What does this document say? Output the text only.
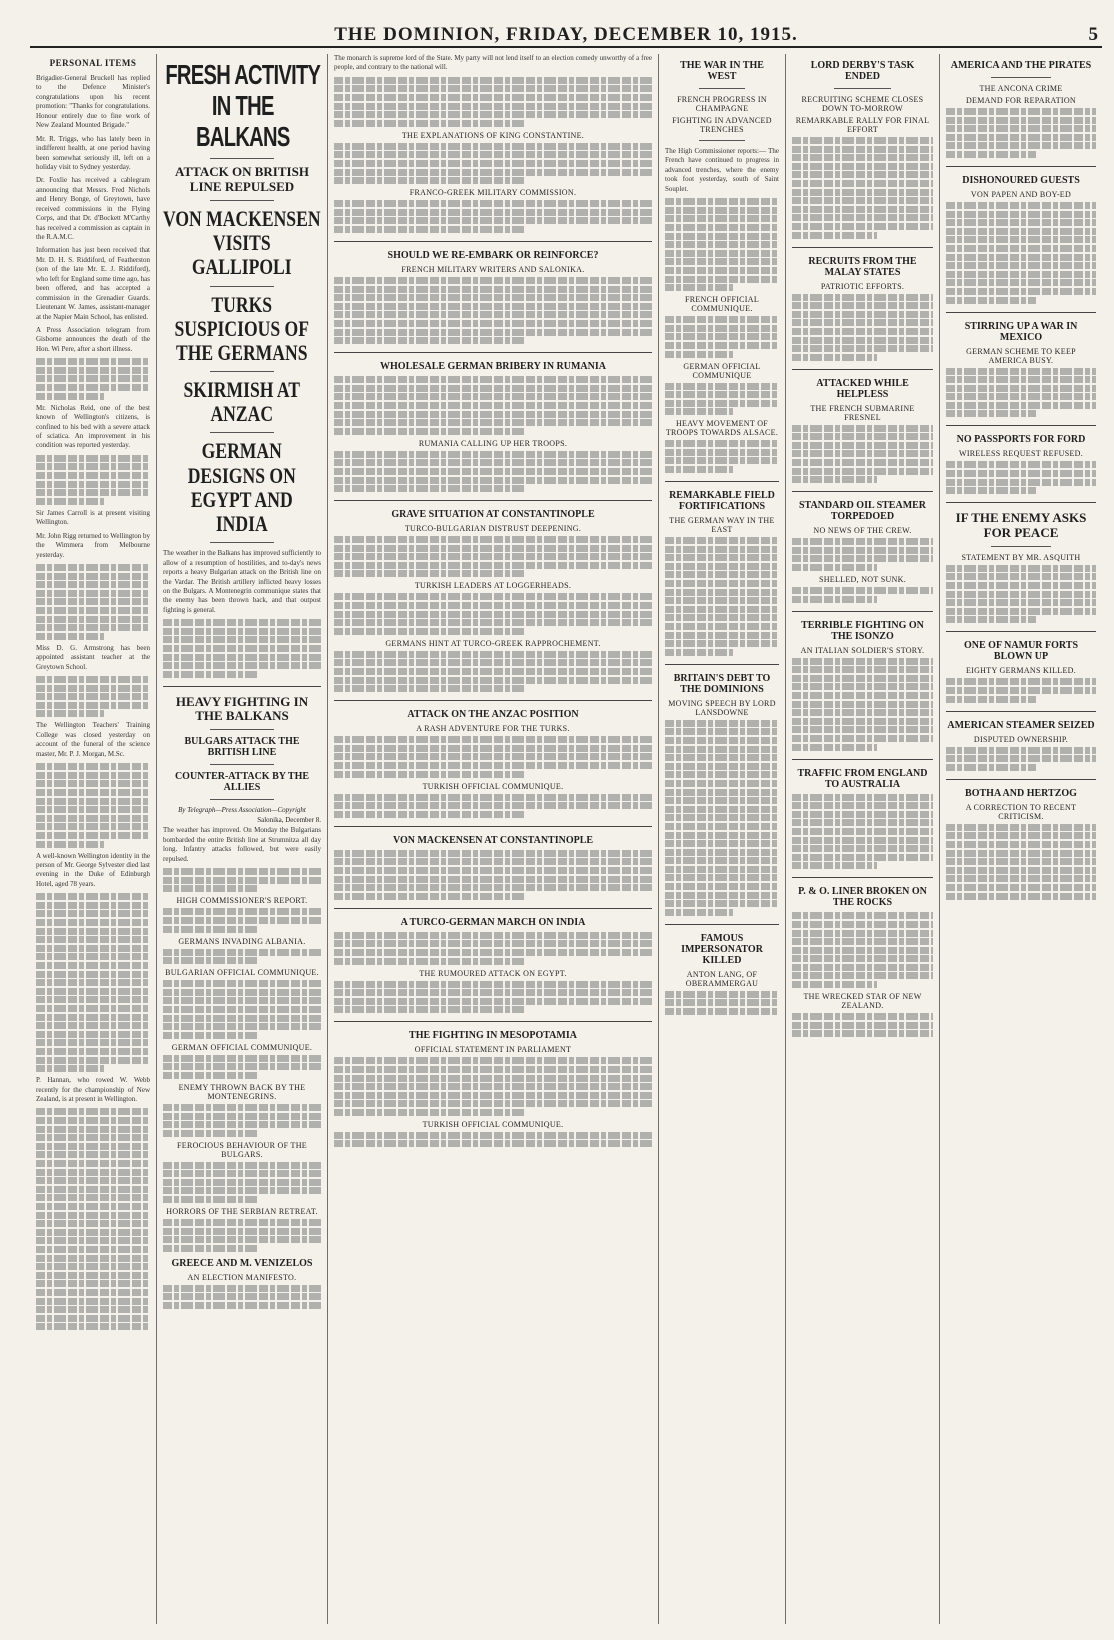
THE DOMINION, FRIDAY, DECEMBER 10, 1915.	5
PERSONAL ITEMS

Brigadier-General Bruckell has replied to the Defence Minister's congratulations upon his recent promotion: "Thanks for congratulations. Honour entirely due to fine work of New Zealand Mounted Brigade."

Mr. R. Triggs, who has lately been in indifferent health, at one period having been somewhat seriously ill, left on a holiday visit to Sydney yesterday.

Dr. Foxlie has received a cablegram announcing that Messrs. Fred Nichols and Henry Bonge, of Greytown, have received commissions in the Flying Corps, and that Dr. d'Bockett M'Carthy has received a commission as captain in the R.A.M.C.

Information has just been received that Mr. D. H. S. Riddiford, of Featherston (son of the late Mr. E. J. Riddiford), who left for England some time ago, has been offered, and has accepted a commission in the Grenadier Guards. Lieutenant W. James, assistant-manager at the Napier Main School, has enlisted.

A Press Association telegram from Gisborne announces the death of the Hon. Wi Pere, after a short illness.

Mr. Nicholas Reid, one of the best known of Wellington's citizens, is confined to his bed with a severe attack of sciatica. An improvement in his condition was reported yesterday.

Sir James Carroll is at present visiting Wellington.

Mr. John Rigg returned to Wellington by the Wimmera from Melbourne yesterday.

Miss D. G. Armstrong has been appointed assistant teacher at the Greytown School.

The Wellington Teachers' Training College was closed yesterday on account of the funeral of the science master, Mr. P. J. Morgan, M.Sc.

A well-known Wellington identity in the person of Mr. George Sylvester died last evening in the Duke of Edinburgh Hotel, aged 78 years.

P. Hannan, who rowed W. Webb recently for the championship of New Zealand, is at present in Wellington.

FRESH ACTIVITY IN THE BALKANS
ATTACK ON BRITISH LINE REPULSED
VON MACKENSEN VISITS GALLIPOLI
TURKS SUSPICIOUS OF THE GERMANS
SKIRMISH AT ANZAC
GERMAN DESIGNS ON EGYPT AND INDIA

The weather in the Balkans has improved sufficiently to allow of a resumption of hostilities, and to-day's news reports a heavy Bulgarian attack on the British line on the Vardar. The British artillery inflicted heavy losses on the Bulgars. A Montenegrin communique states that the enemy has been thrown back, and that outpost fighting is general.

HEAVY FIGHTING IN THE BALKANS
BULGARS ATTACK THE BRITISH LINE
COUNTER-ATTACK BY THE ALLIES
By Telegraph—Press Association—Copyright
Salonika, December 8.

The weather has improved. On Monday the Bulgarians bombarded the entire British line at Strumnitza all day long. Infantry attacks followed, but were easily repulsed.

HIGH COMMISSIONER'S REPORT.
GERMANS INVADING ALBANIA.
BULGARIAN OFFICIAL COMMUNIQUE.
GERMAN OFFICIAL COMMUNIQUE.
ENEMY THROWN BACK BY THE MONTENEGRINS.
FEROCIOUS BEHAVIOUR OF THE BULGARS.
HORRORS OF THE SERBIAN RETREAT.
GREECE AND M. VENIZELOS
AN ELECTION MANIFESTO.

The monarch is supreme lord of the State. My party will not lend itself to an election comedy unworthy of a free people, and contrary to the national will.

THE EXPLANATIONS OF KING CONSTANTINE.
FRANCO-GREEK MILITARY COMMISSION.
SHOULD WE RE-EMBARK OR REINFORCE?
FRENCH MILITARY WRITERS AND SALONIKA.
WHOLESALE GERMAN BRIBERY IN RUMANIA
RUMANIA CALLING UP HER TROOPS.
GRAVE SITUATION AT CONSTANTINOPLE
TURCO-BULGARIAN DISTRUST DEEPENING.
TURKISH LEADERS AT LOGGERHEADS.
GERMANS HINT AT TURCO-GREEK RAPPROCHEMENT.
ATTACK ON THE ANZAC POSITION
A RASH ADVENTURE FOR THE TURKS.
TURKISH OFFICIAL COMMUNIQUE.
VON MACKENSEN AT CONSTANTINOPLE
A TURCO-GERMAN MARCH ON INDIA
THE RUMOURED ATTACK ON EGYPT.
THE FIGHTING IN MESOPOTAMIA
OFFICIAL STATEMENT IN PARLIAMENT
TURKISH OFFICIAL COMMUNIQUE.
THE WAR IN THE WEST
FRENCH PROGRESS IN CHAMPAGNE
FIGHTING IN ADVANCED TRENCHES

The High Commissioner reports:— The French have continued to progress in advanced trenches, where the enemy took foot yesterday, south of Saint Souplet.

FRENCH OFFICIAL COMMUNIQUE.
GERMAN OFFICIAL COMMUNIQUE
HEAVY MOVEMENT OF TROOPS TOWARDS ALSACE.
REMARKABLE FIELD FORTIFICATIONS
THE GERMAN WAY IN THE EAST
BRITAIN'S DEBT TO THE DOMINIONS
MOVING SPEECH BY LORD LANSDOWNE
FAMOUS IMPERSONATOR KILLED
ANTON LANG, OF OBERAMMERGAU
LORD DERBY'S TASK ENDED
RECRUITING SCHEME CLOSES DOWN TO-MORROW
REMARKABLE RALLY FOR FINAL EFFORT
RECRUITS FROM THE MALAY STATES
PATRIOTIC EFFORTS.
ATTACKED WHILE HELPLESS
THE FRENCH SUBMARINE FRESNEL
STANDARD OIL STEAMER TORPEDOED
NO NEWS OF THE CREW.
SHELLED, NOT SUNK.
TERRIBLE FIGHTING ON THE ISONZO
AN ITALIAN SOLDIER'S STORY.
TRAFFIC FROM ENGLAND TO AUSTRALIA
P. & O. LINER BROKEN ON THE ROCKS
THE WRECKED STAR OF NEW ZEALAND.
AMERICA AND THE PIRATES
THE ANCONA CRIME
DEMAND FOR REPARATION
DISHONOURED GUESTS
VON PAPEN AND BOY-ED
STIRRING UP A WAR IN MEXICO
GERMAN SCHEME TO KEEP AMERICA BUSY.
NO PASSPORTS FOR FORD
WIRELESS REQUEST REFUSED.
IF THE ENEMY ASKS FOR PEACE
STATEMENT BY MR. ASQUITH
ONE OF NAMUR FORTS BLOWN UP
EIGHTY GERMANS KILLED.
AMERICAN STEAMER SEIZED
DISPUTED OWNERSHIP.
BOTHA AND HERTZOG
A CORRECTION TO RECENT CRITICISM.
